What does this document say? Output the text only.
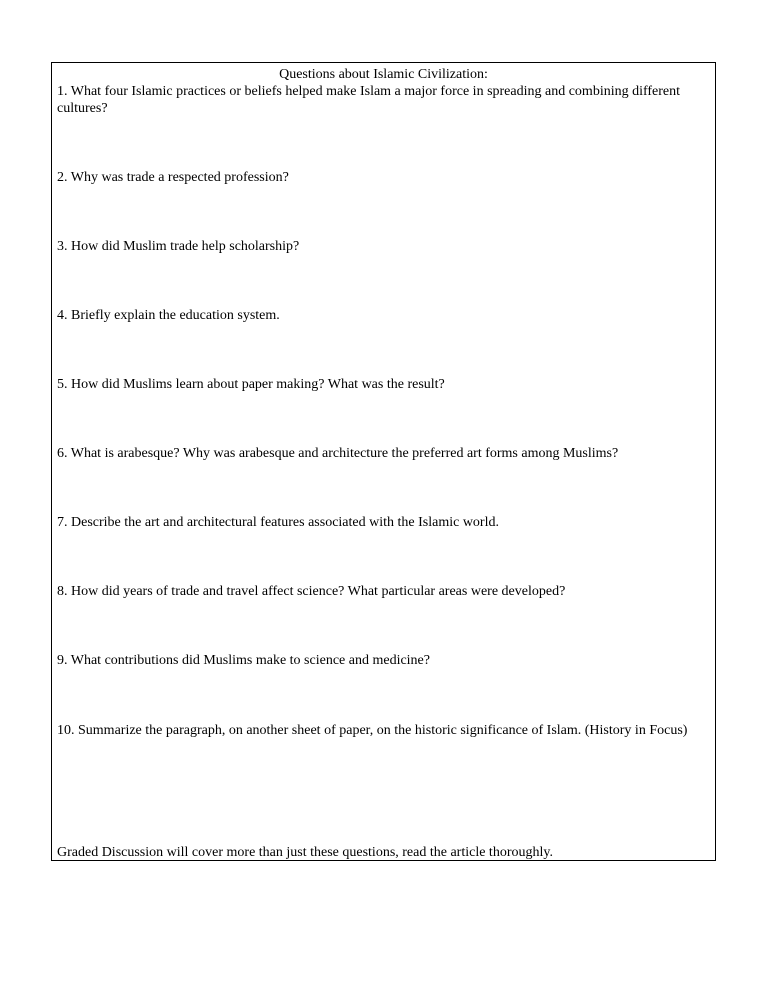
Questions about Islamic Civilization:
1. What four Islamic practices or beliefs helped make Islam a major force in spreading and combining different cultures?
2. Why was trade a respected profession?
3. How did Muslim trade help scholarship?
4. Briefly explain the education system.
5. How did Muslims learn about paper making? What was the result?
6. What is arabesque? Why was arabesque and architecture the preferred art forms among Muslims?
7. Describe the art and architectural features associated with the Islamic world.
8. How did years of trade and travel affect science? What particular areas were developed?
9. What contributions did Muslims make to science and medicine?
10. Summarize the paragraph, on another sheet of paper, on the historic significance of Islam. (History in Focus)
Graded Discussion will cover more than just these questions, read the article thoroughly.
